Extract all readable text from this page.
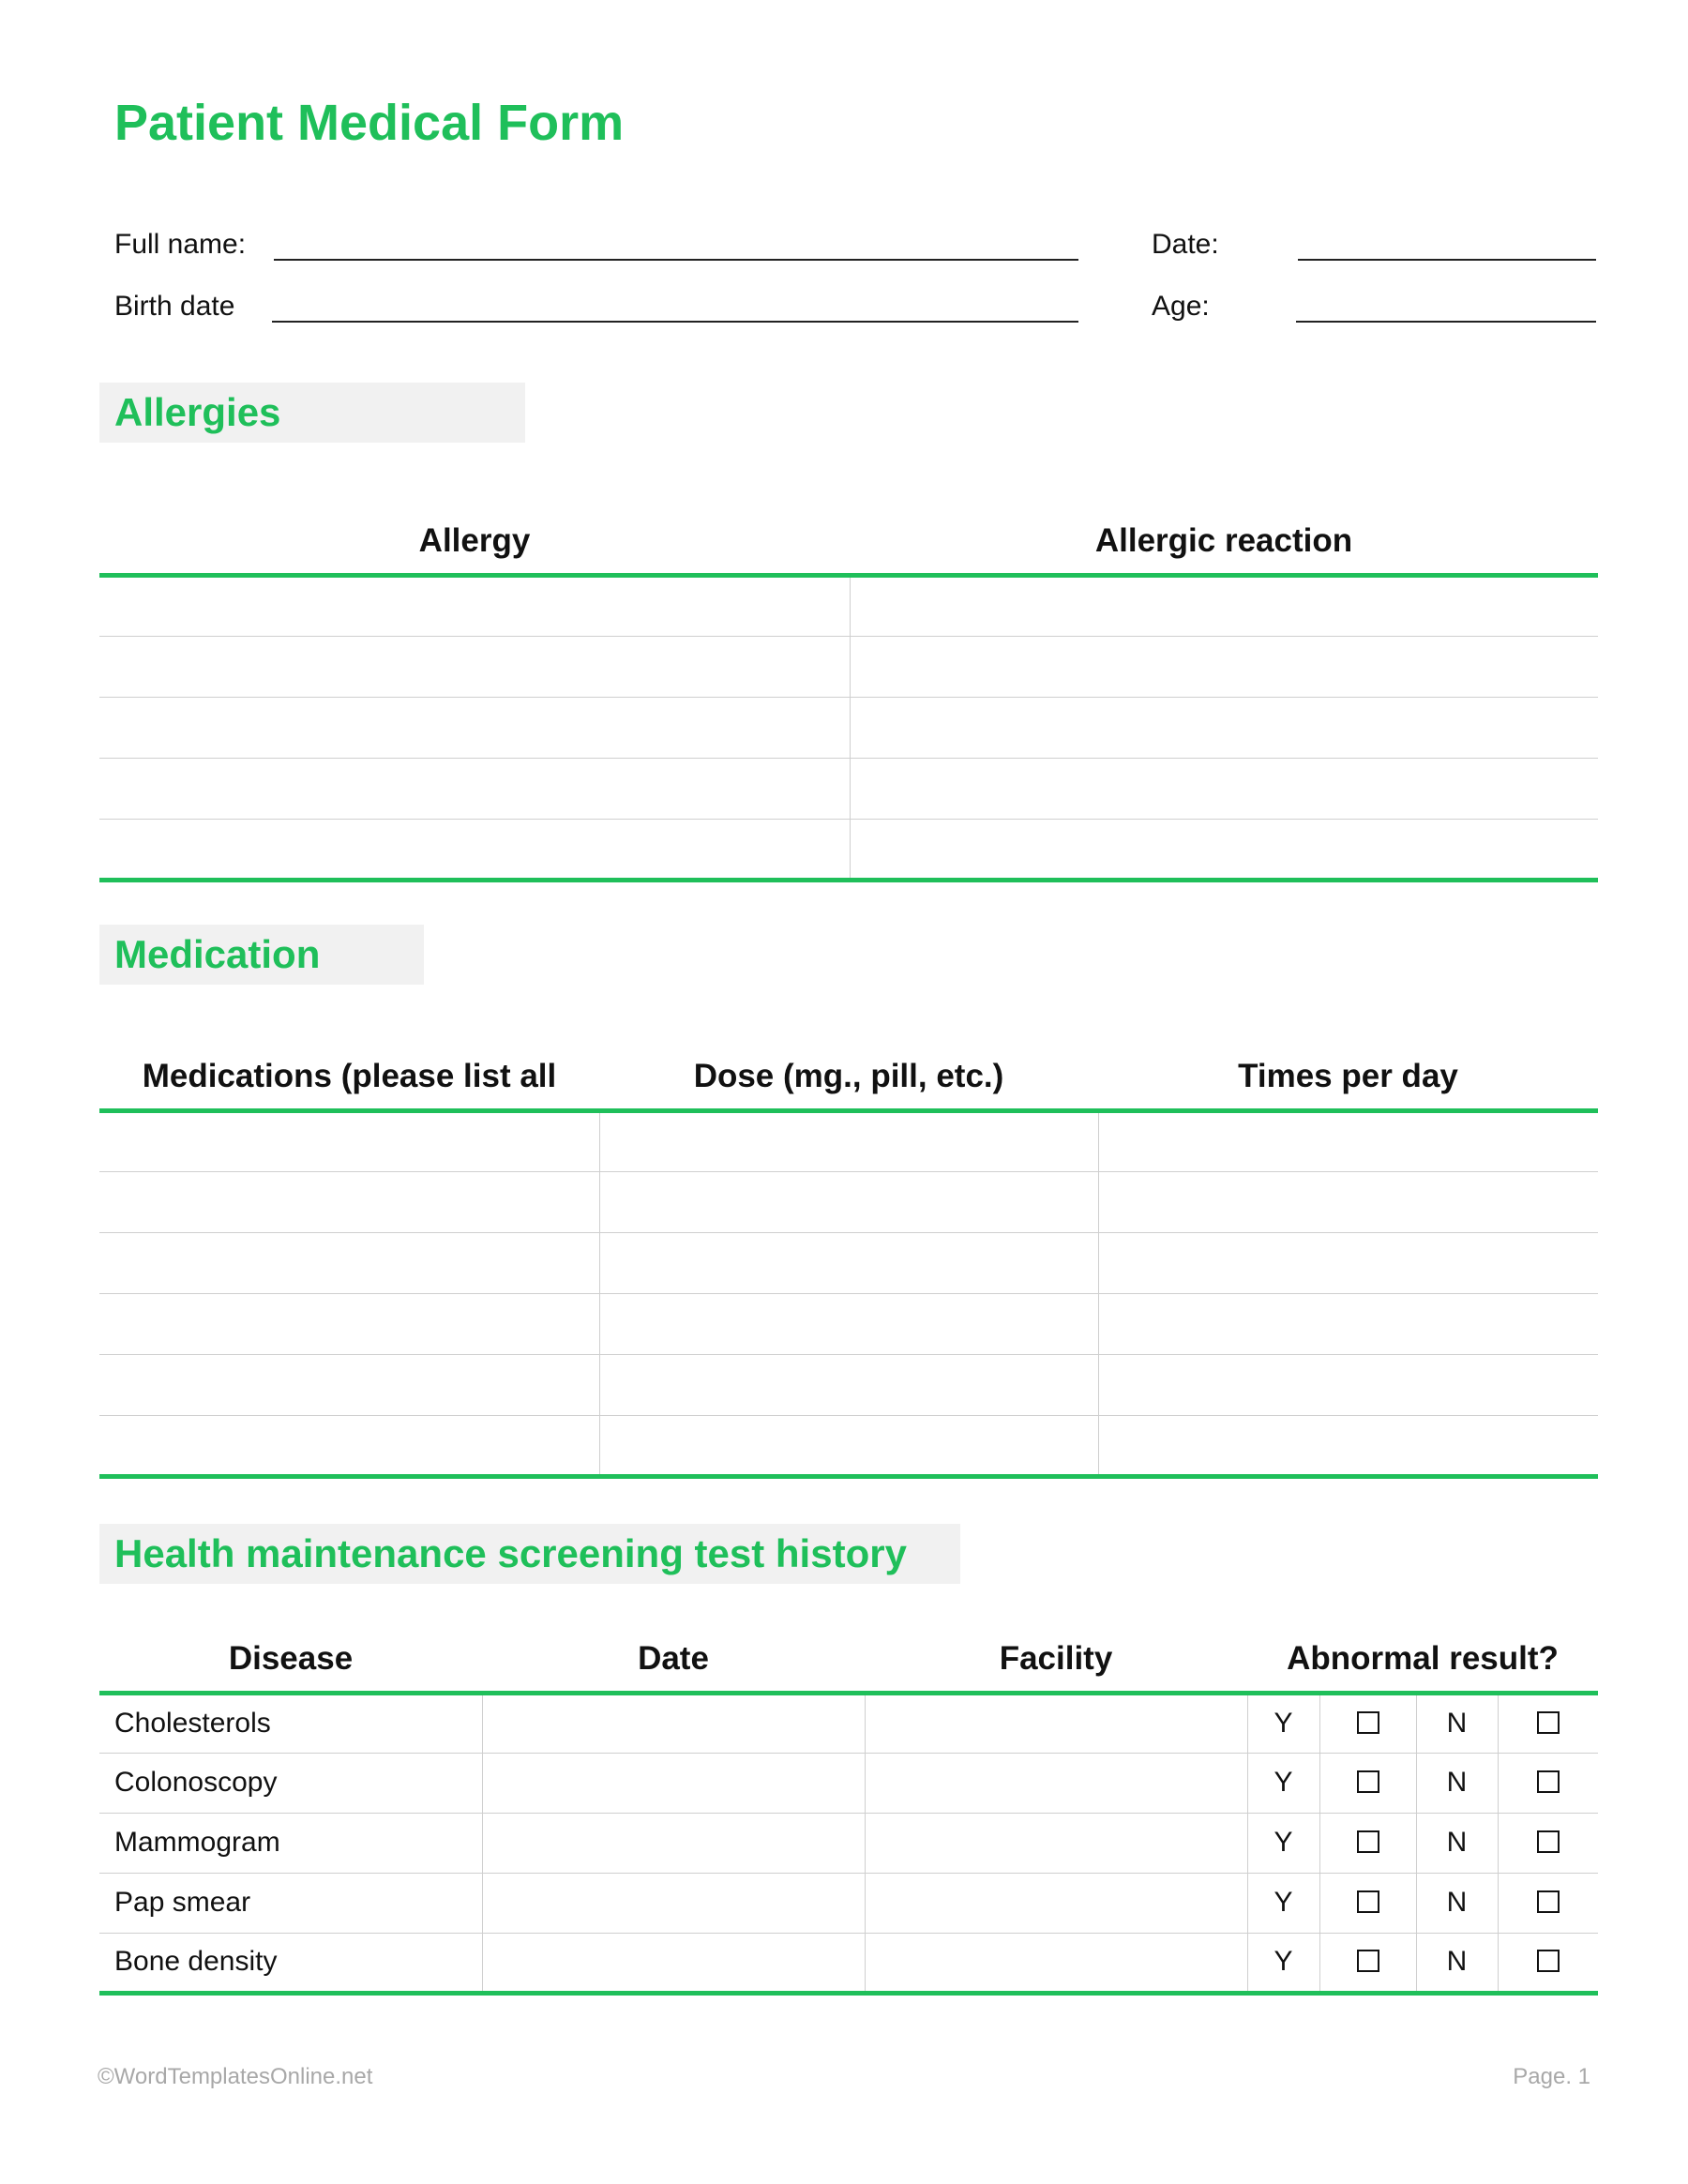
Patient Medical Form
Full name:	Date:
Birth date	Age:
Allergies
Allergy	Allergic reaction

Medication
Medications (please list all	Dose (mg., pill, etc.)	Times per day

Health maintenance screening test history
Disease	Date	Facility	Abnormal result?			
Cholesterols			Y		N	
Colonoscopy			Y		N	
Mammogram			Y		N	
Pap smear			Y		N	
Bone density			Y		N	
©WordTemplatesOnline.net	Page. 1
